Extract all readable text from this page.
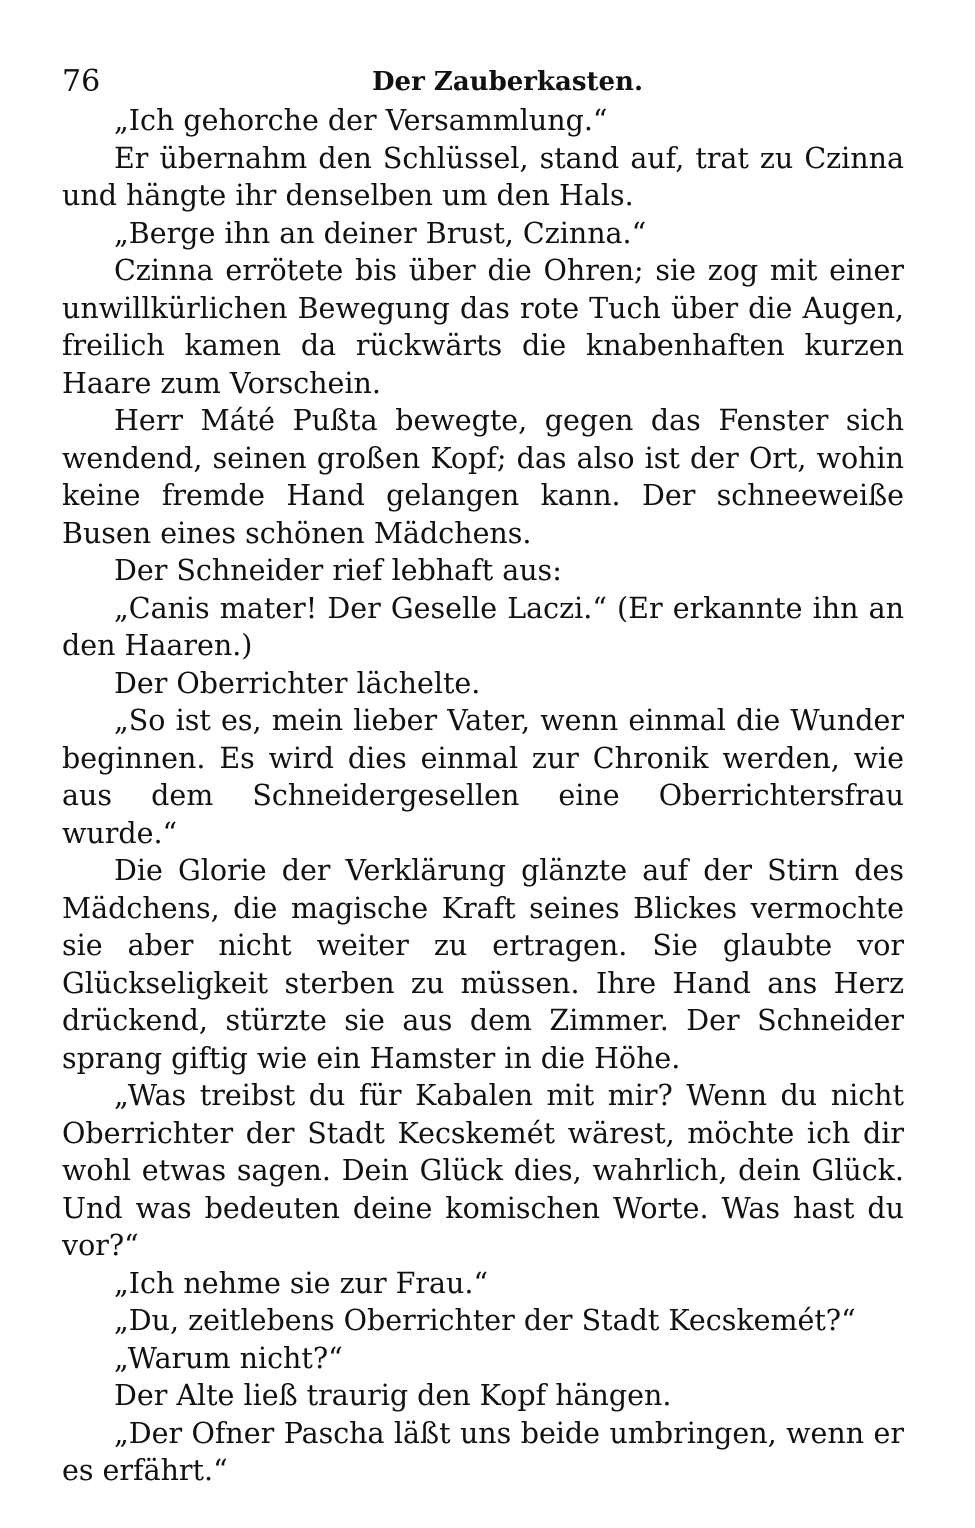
76	Der Zauberkasten.

„Ich gehorche der Versammlung.“

Er übernahm den Schlüssel, stand auf, trat zu Czinna und hängte ihr denselben um den Hals.

„Berge ihn an deiner Brust, Czinna.“

Czinna errötete bis über die Ohren; sie zog mit einer unwillkürlichen Bewegung das rote Tuch über die Augen, freilich kamen da rückwärts die knabenhaften kurzen Haare zum Vorschein.

Herr Máté Pußta bewegte, gegen das Fenster sich wendend, seinen großen Kopf; das also ist der Ort, wohin keine fremde Hand gelangen kann. Der schneeweiße Busen eines schönen Mädchens.

Der Schneider rief lebhaft aus:

„Canis mater! Der Geselle Laczi.“ (Er erkannte ihn an den Haaren.)

Der Oberrichter lächelte.

„So ist es, mein lieber Vater, wenn einmal die Wunder beginnen. Es wird dies einmal zur Chronik werden, wie aus dem Schneidergesellen eine Oberrichtersfrau wurde.“

Die Glorie der Verklärung glänzte auf der Stirn des Mädchens, die magische Kraft seines Blickes vermochte sie aber nicht weiter zu ertragen. Sie glaubte vor Glückseligkeit sterben zu müssen. Ihre Hand ans Herz drückend, stürzte sie aus dem Zimmer. Der Schneider sprang giftig wie ein Hamster in die Höhe.

„Was treibst du für Kabalen mit mir? Wenn du nicht Oberrichter der Stadt Kecskemét wärest, möchte ich dir wohl etwas sagen. Dein Glück dies, wahrlich, dein Glück. Und was bedeuten deine komischen Worte. Was hast du vor?“

„Ich nehme sie zur Frau.“

„Du, zeitlebens Oberrichter der Stadt Kecskemét?“

„Warum nicht?“

Der Alte ließ traurig den Kopf hängen.

„Der Ofner Pascha läßt uns beide umbringen, wenn er es erfährt.“
